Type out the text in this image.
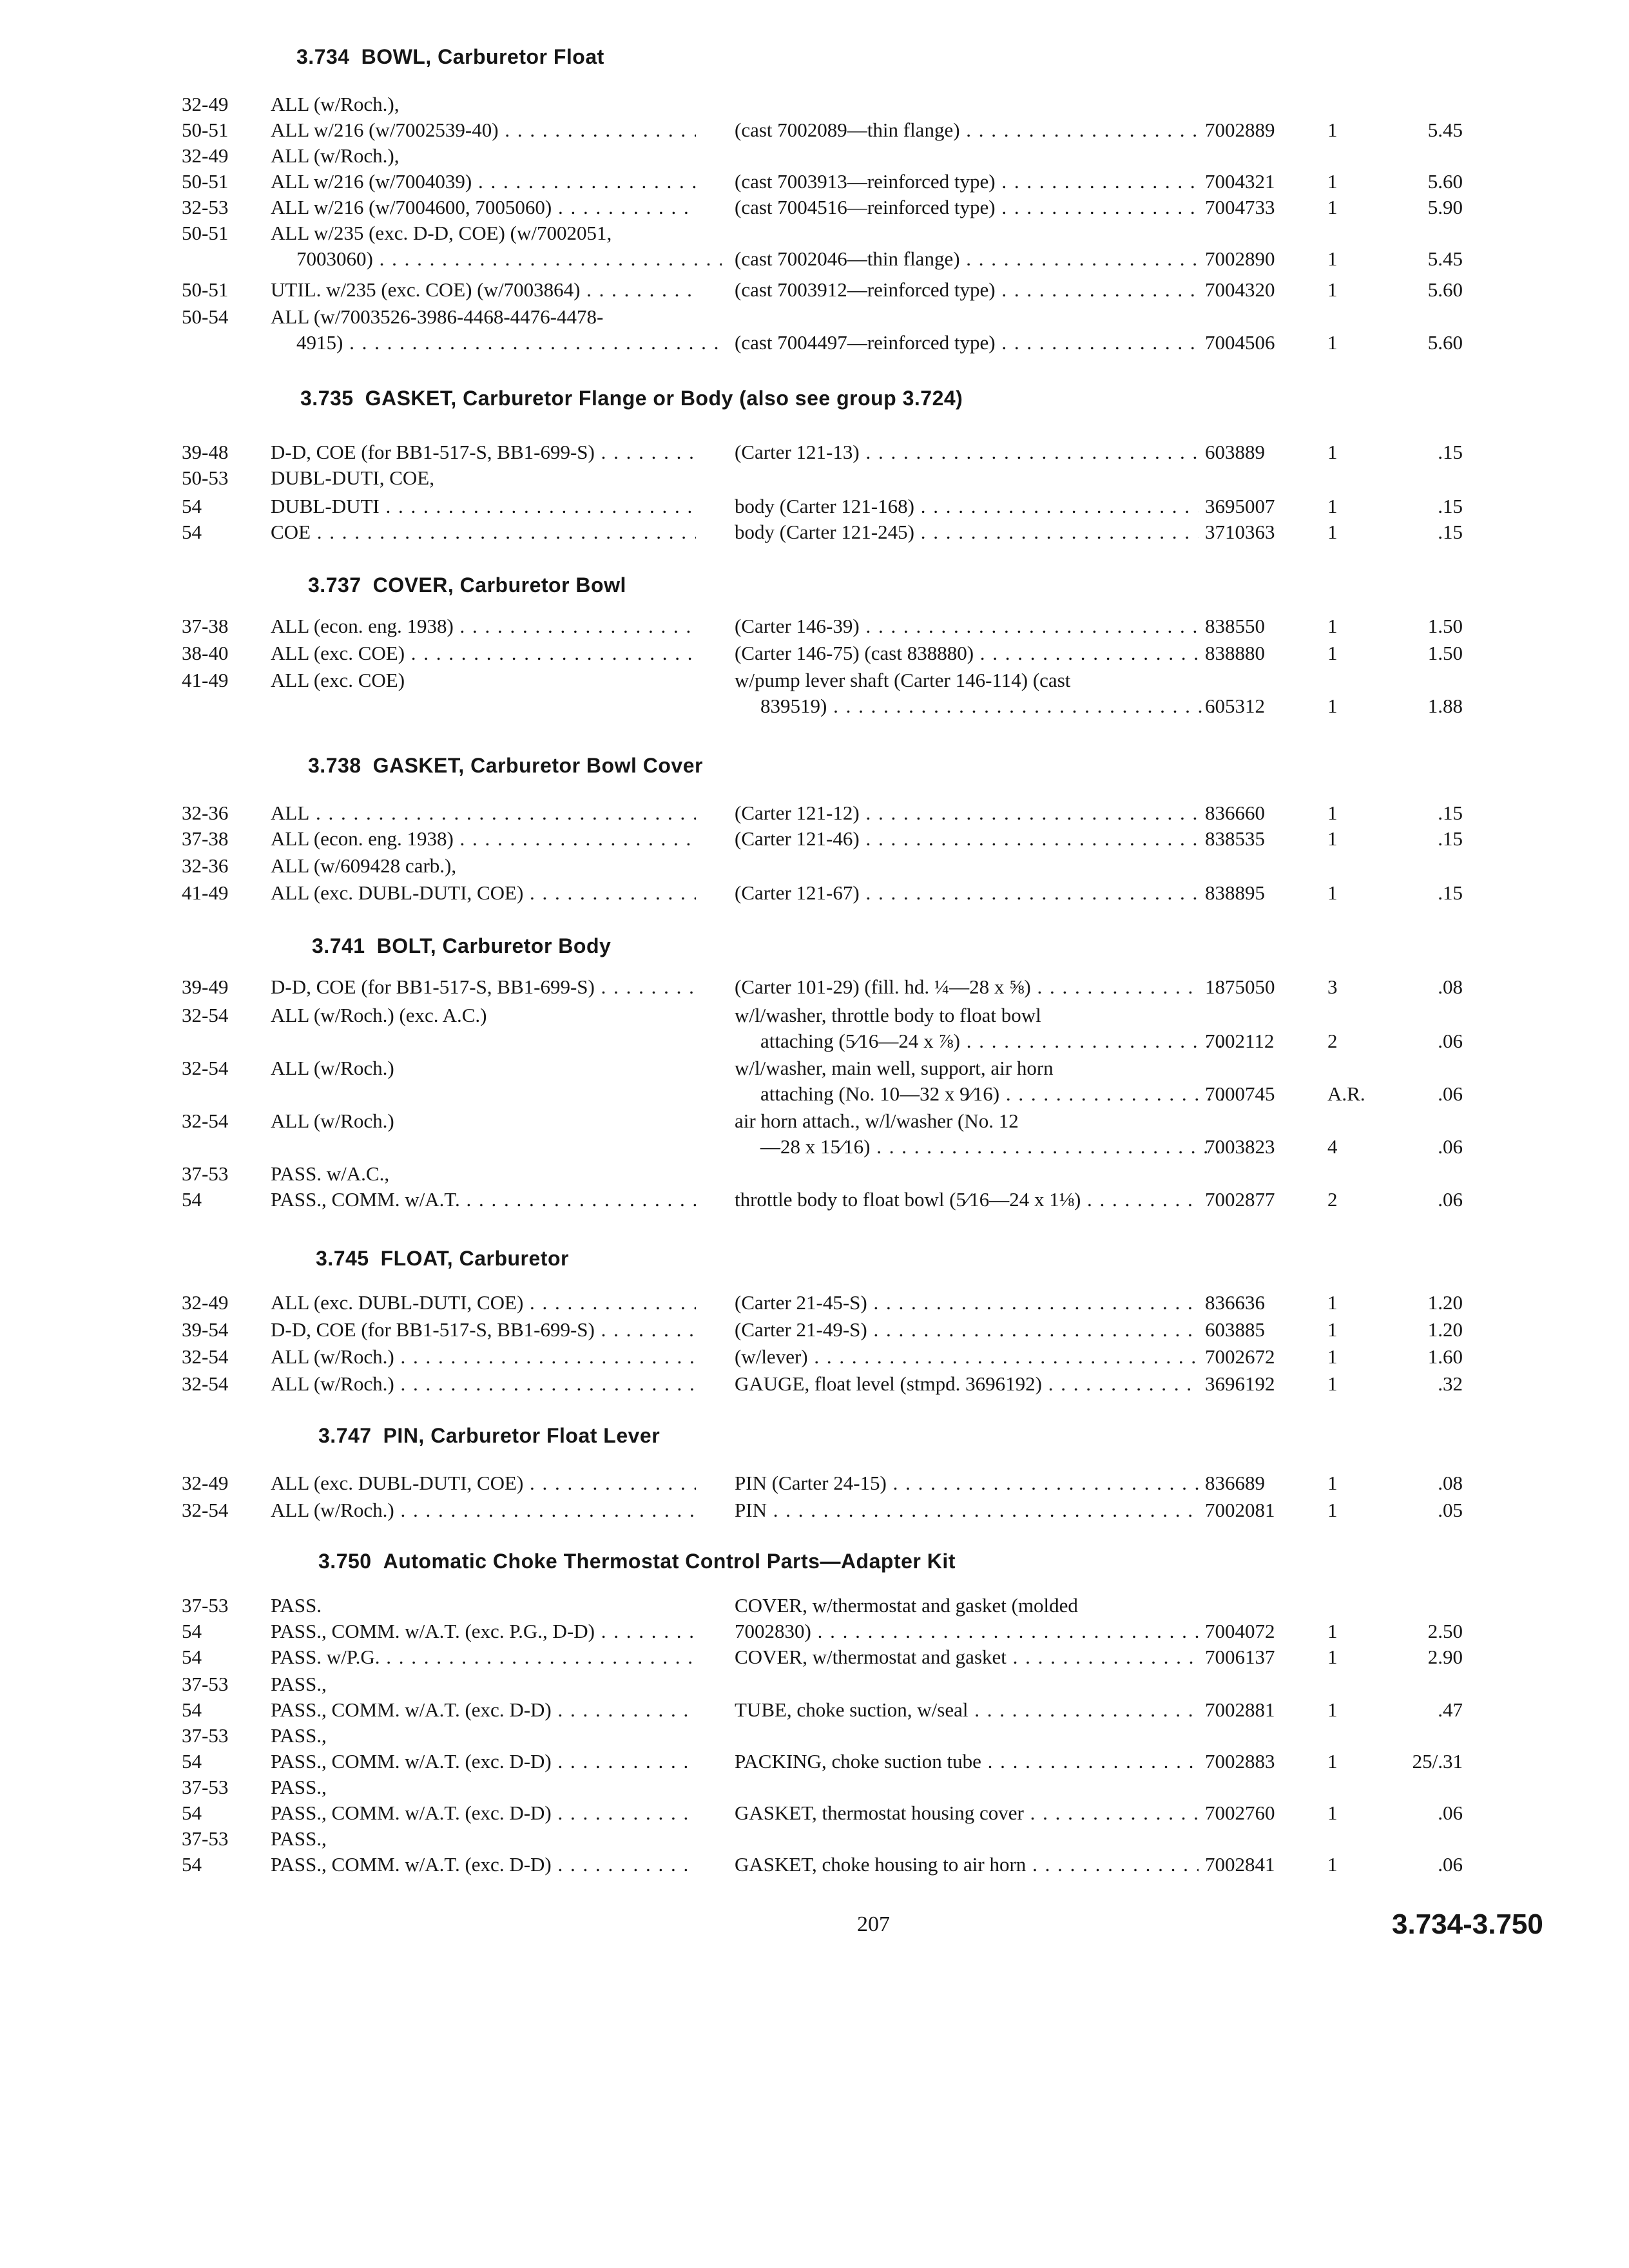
3.734 BOWL, Carburetor Float
32-49	ALL (w/Roch.),
50-51	ALL w/216 (w/7002539-40) . . .	(cast 7002089—thin flange) . . .	7002889	1	5.45
32-49	ALL (w/Roch.),
50-51	ALL w/216 (w/7004039) . . .	(cast 7003913—reinforced type) . . .	7004321	1	5.60
32-53	ALL w/216 (w/7004600, 7005060) . . .	(cast 7004516—reinforced type) . . .	7004733	1	5.90
50-51	ALL w/235 (exc. D-D, COE) (w/7002051,
7003060) . . .	(cast 7002046—thin flange) . . .	7002890	1	5.45
50-51	UTIL. w/235 (exc. COE) (w/7003864) . . .	(cast 7003912—reinforced type) . . .	7004320	1	5.60
50-54	ALL (w/7003526-3986-4468-4476-4478-
4915) . . .	(cast 7004497—reinforced type) . . .	7004506	1	5.60
3.735 GASKET, Carburetor Flange or Body (also see group 3.724)
39-48	D-D, COE (for BB1-517-S, BB1-699-S) . . .	(Carter 121-13) . . .	603889	1	.15
50-53	DUBL-DUTI, COE,
54	DUBL-DUTI . . .	body (Carter 121-168) . . .	3695007	1	.15
54	COE . . .	body (Carter 121-245) . . .	3710363	1	.15
3.737 COVER, Carburetor Bowl
37-38	ALL (econ. eng. 1938) . . .	(Carter 146-39) . . .	838550	1	1.50
38-40	ALL (exc. COE) . . .	(Carter 146-75) (cast 838880) . . .	838880	1	1.50
41-49	ALL (exc. COE)	w/pump lever shaft (Carter 146-114) (cast
839519) . . .	605312	1	1.88
3.738 GASKET, Carburetor Bowl Cover
32-36	ALL . . .	(Carter 121-12) . . .	836660	1	.15
37-38	ALL (econ. eng. 1938) . . .	(Carter 121-46) . . .	838535	1	.15
32-36	ALL (w/609428 carb.),
41-49	ALL (exc. DUBL-DUTI, COE) . . .	(Carter 121-67) . . .	838895	1	.15
3.741 BOLT, Carburetor Body
39-49	D-D, COE (for BB1-517-S, BB1-699-S) . . .	(Carter 101-29) (fill. hd. ¼—28 x ⅝) . . .	1875050	3	.08
32-54	ALL (w/Roch.) (exc. A.C.)	w/l/washer, throttle body to float bowl
attaching (5⁄16—24 x ⅞) . . .	7002112	2	.06
32-54	ALL (w/Roch.)	w/l/washer, main well, support, air horn
attaching (No. 10—32 x 9⁄16) . . .	7000745	A.R.	.06
32-54	ALL (w/Roch.)	air horn attach., w/l/washer (No. 12
—28 x 15⁄16) . . .	7003823	4	.06
37-53	PASS. w/A.C.,
54	PASS., COMM. w/A.T. . . .	throttle body to float bowl (5⁄16—24 x 1⅛) . . .	7002877	2	.06
3.745 FLOAT, Carburetor
32-49	ALL (exc. DUBL-DUTI, COE) . . .	(Carter 21-45-S) . . .	836636	1	1.20
39-54	D-D, COE (for BB1-517-S, BB1-699-S) . . .	(Carter 21-49-S) . . .	603885	1	1.20
32-54	ALL (w/Roch.) . . .	(w/lever) . . .	7002672	1	1.60
32-54	ALL (w/Roch.) . . .	GAUGE, float level (stmpd. 3696192) . . .	3696192	1	.32
3.747 PIN, Carburetor Float Lever
32-49	ALL (exc. DUBL-DUTI, COE) . . .	PIN (Carter 24-15) . . .	836689	1	.08
32-54	ALL (w/Roch.) . . .	PIN . . .	7002081	1	.05
3.750 Automatic Choke Thermostat Control Parts—Adapter Kit
37-53	PASS.	COVER, w/thermostat and gasket (molded
54	PASS., COMM. w/A.T. (exc. P.G., D-D) . . .	7002830) . . .	7004072	1	2.50
54	PASS. w/P.G. . . .	COVER, w/thermostat and gasket . . .	7006137	1	2.90
37-53	PASS.,
54	PASS., COMM. w/A.T. (exc. D-D) . . .	TUBE, choke suction, w/seal . . .	7002881	1	.47
37-53	PASS.,
54	PASS., COMM. w/A.T. (exc. D-D) . . .	PACKING, choke suction tube . . .	7002883	1	25/.31
37-53	PASS.,
54	PASS., COMM. w/A.T. (exc. D-D) . . .	GASKET, thermostat housing cover . . .	7002760	1	.06
37-53	PASS.,
54	PASS., COMM. w/A.T. (exc. D-D) . . .	GASKET, choke housing to air horn . . .	7002841	1	.06
207	3.734-3.750
